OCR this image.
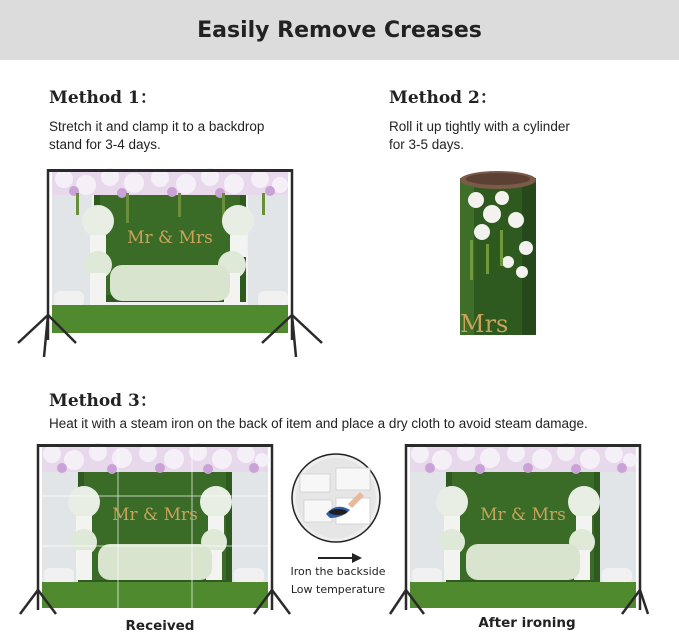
Easily Remove Creases
Method 1：
Stretch it and clamp it to a backdrop
stand for 3-4 days.
Method 2：
Roll it up tightly with a cylinder
for 3-5 days.
Mr & Mrs
Mrs
Method 3：
Heat it with a steam iron on the back of item and place a dry cloth to avoid steam damage.
Mr & Mrs
Iron the backside
Low temperature
Mr & Mrs
Received	After ironing
